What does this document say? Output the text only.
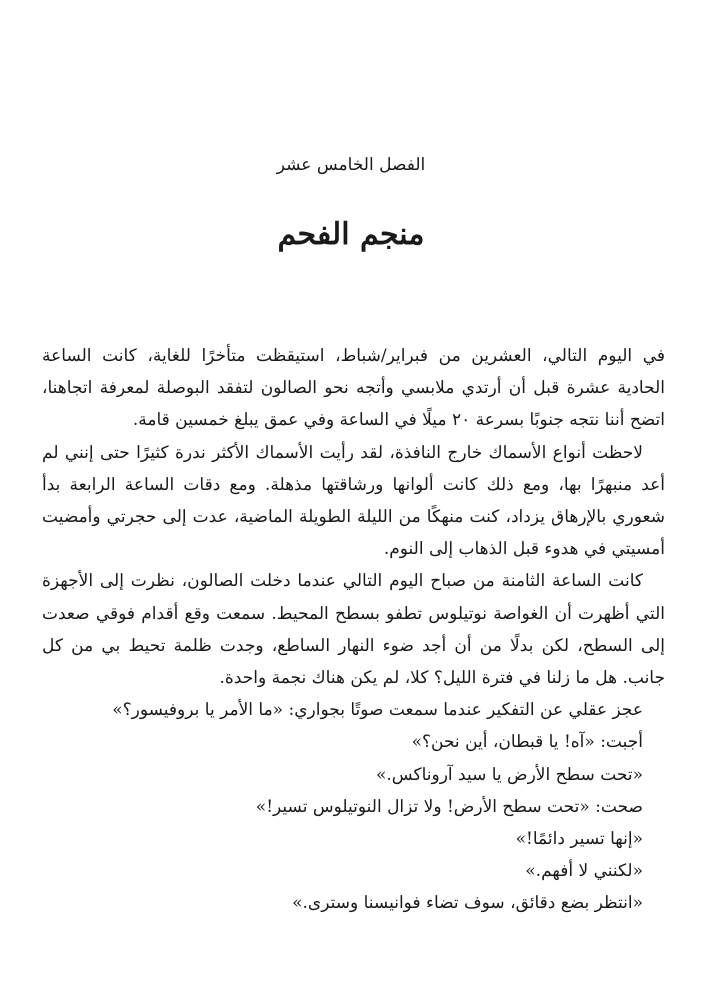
الفصل الخامس عشر
منجم الفحم

في اليوم التالي، العشرين من فبراير/شباط، استيقظت متأخرًا للغاية، كانت الساعة الحادية عشرة قبل أن أرتدي ملابسي وأتجه نحو الصالون لتفقد البوصلة لمعرفة اتجاهنا، اتضح أننا نتجه جنوبًا بسرعة ٢٠ ميلًا في الساعة وفي عمق يبلغ خمسين قامة.

لاحظت أنواع الأسماك خارج النافذة، لقد رأيت الأسماك الأكثر ندرة كثيرًا حتى إنني لم أعد منبهرًا بها، ومع ذلك كانت ألوانها ورشاقتها مذهلة. ومع دقات الساعة الرابعة بدأ شعوري بالإرهاق يزداد، كنت منهكًا من الليلة الطويلة الماضية، عدت إلى حجرتي وأمضيت أمسيتي في هدوء قبل الذهاب إلى النوم.

كانت الساعة الثامنة من صباح اليوم التالي عندما دخلت الصالون، نظرت إلى الأجهزة التي أظهرت أن الغواصة نوتيلوس تطفو بسطح المحيط. سمعت وقع أقدام فوقي صعدت إلى السطح، لكن بدلًا من أن أجد ضوء النهار الساطع، وجدت ظلمة تحيط بي من كل جانب. هل ما زلنا في فترة الليل؟ كلا، لم يكن هناك نجمة واحدة.

عجز عقلي عن التفكير عندما سمعت صوتًا بجواري: «ما الأمر يا بروفيسور؟»

أجبت: «آه! يا قبطان، أين نحن؟»

«تحت سطح الأرض يا سيد آروناكس.»

صحت: «تحت سطح الأرض! ولا تزال النوتيلوس تسير!»

«إنها تسير دائمًا!»

«لكنني لا أفهم.»

«انتظر بضع دقائق، سوف تضاء فوانيسنا وسترى.»
